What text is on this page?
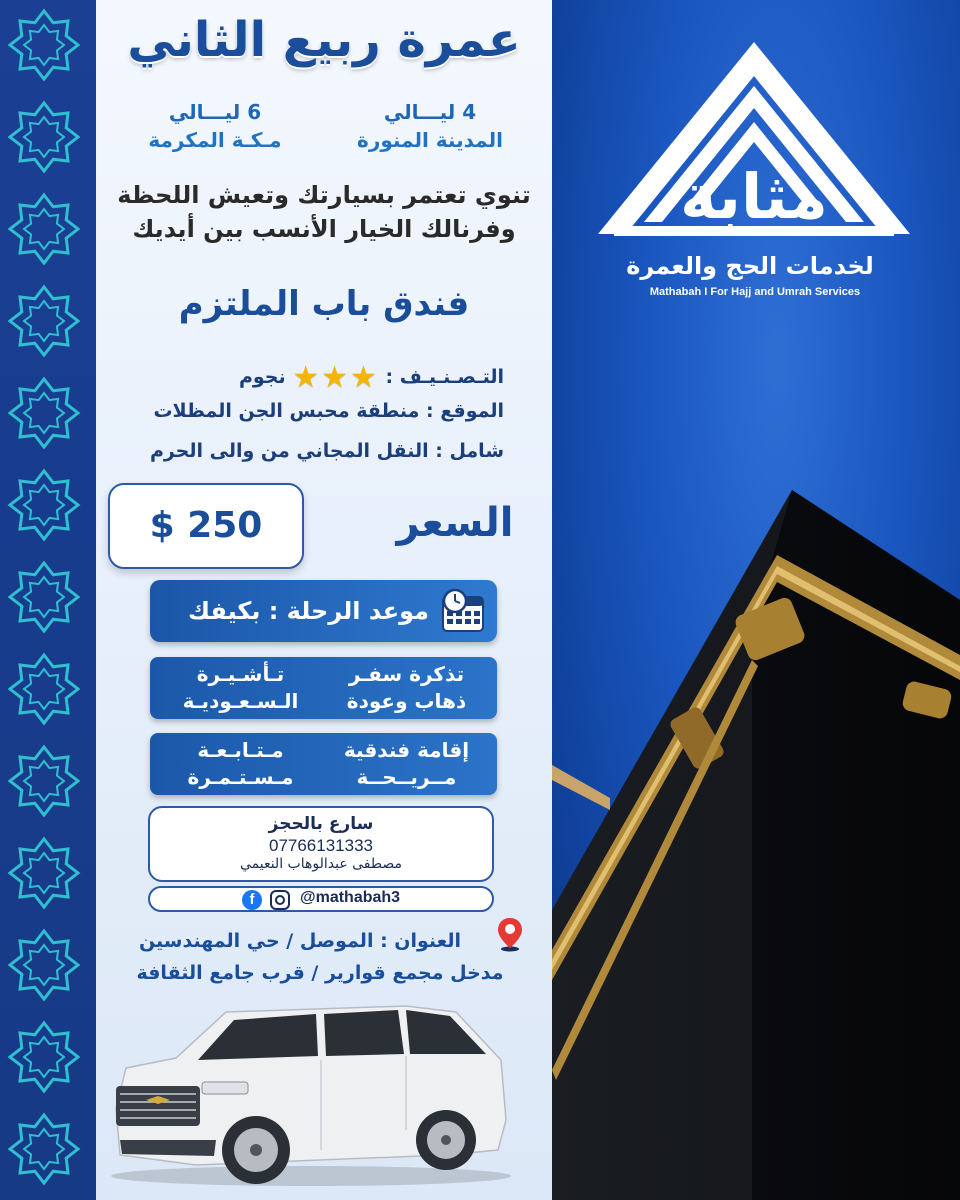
مثابة
لخدمات الحج والعمرة
Mathabah I For Hajj and Umrah Services
عمرة ربيع الثاني
4 ليـــالي
المدينة المنورة
6 ليـــالي
مـكـة المكرمة
تنوي تعتمر بسيارتك وتعيش اللحظة
وفرنالك الخيار الأنسب بين أيديك
فندق باب الملتزم
التـصـنـيـف : ★★★ نجوم
الموقع : منطقة محبس الجن المظلات
شامل : النقل المجاني من والى الحرم
السعر
$ 250
موعد الرحلة : بكيفك
تذكرة سفـر
ذهاب وعودة
تـأشـيـرة
الـسـعـوديـة
إقامة فندقية
مــريــحــة
مـتـابـعـة
مـسـتـمـرة
سارع بالحجز
07766131333
مصطفى عبدالوهاب النعيمي
f	@mathabah3
العنوان : الموصل / حي المهندسين
مدخل مجمع قوارير / قرب جامع الثقافة
